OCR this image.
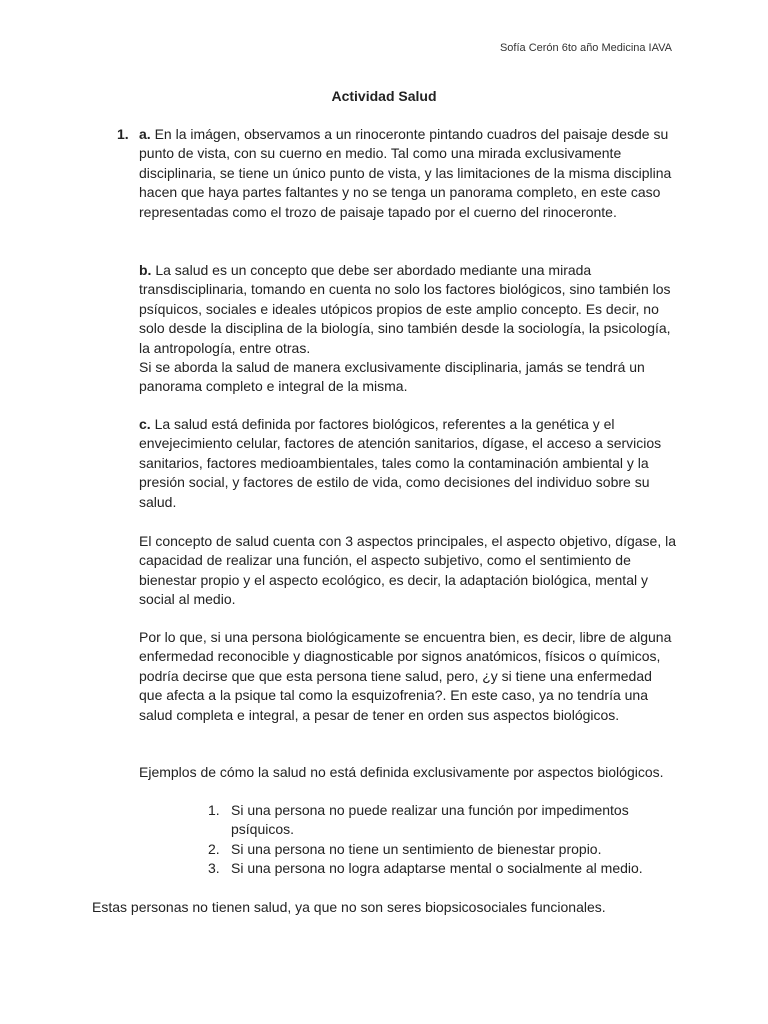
Sofía Cerón 6to año Medicina IAVA
Actividad Salud
1. a. En la imágen, observamos a un rinoceronte pintando cuadros del paisaje desde su punto de vista, con su cuerno en medio. Tal como una mirada exclusivamente disciplinaria, se tiene un único punto de vista, y las limitaciones de la misma disciplina hacen que haya partes faltantes y no se tenga un panorama completo, en este caso representadas como el trozo de paisaje tapado por el cuerno del rinoceronte.

b. La salud es un concepto que debe ser abordado mediante una mirada transdisciplinaria, tomando en cuenta no solo los factores biológicos, sino también los psíquicos, sociales e ideales utópicos propios de este amplio concepto. Es decir, no solo desde la disciplina de la biología, sino también desde la sociología, la psicología, la antropología, entre otras.

Si se aborda la salud de manera exclusivamente disciplinaria, jamás se tendrá un panorama completo e integral de la misma.

c. La salud está definida por factores biológicos, referentes a la genética y el envejecimiento celular, factores de atención sanitarios, dígase, el acceso a servicios sanitarios, factores medioambientales, tales como la contaminación ambiental y la presión social, y factores de estilo de vida, como decisiones del individuo sobre su salud.

El concepto de salud cuenta con 3 aspectos principales, el aspecto objetivo, dígase, la capacidad de realizar una función, el aspecto subjetivo, como el sentimiento de bienestar propio y el aspecto ecológico, es decir, la adaptación biológica, mental y social al medio.

Por lo que, si una persona biológicamente se encuentra bien, es decir, libre de alguna enfermedad reconocible y diagnosticable por signos anatómicos, físicos o químicos, podría decirse que que esta persona tiene salud, pero, ¿y si tiene una enfermedad que afecta a la psique tal como la esquizofrenia?. En este caso, ya no tendría una salud completa e integral, a pesar de tener en orden sus aspectos biológicos.

Ejemplos de cómo la salud no está definida exclusivamente por aspectos biológicos.

1. Si una persona no puede realizar una función por impedimentos psíquicos.
2. Si una persona no tiene un sentimiento de bienestar propio.
3. Si una persona no logra adaptarse mental o socialmente al medio.
Estas personas no tienen salud, ya que no son seres biopsicosociales funcionales.
